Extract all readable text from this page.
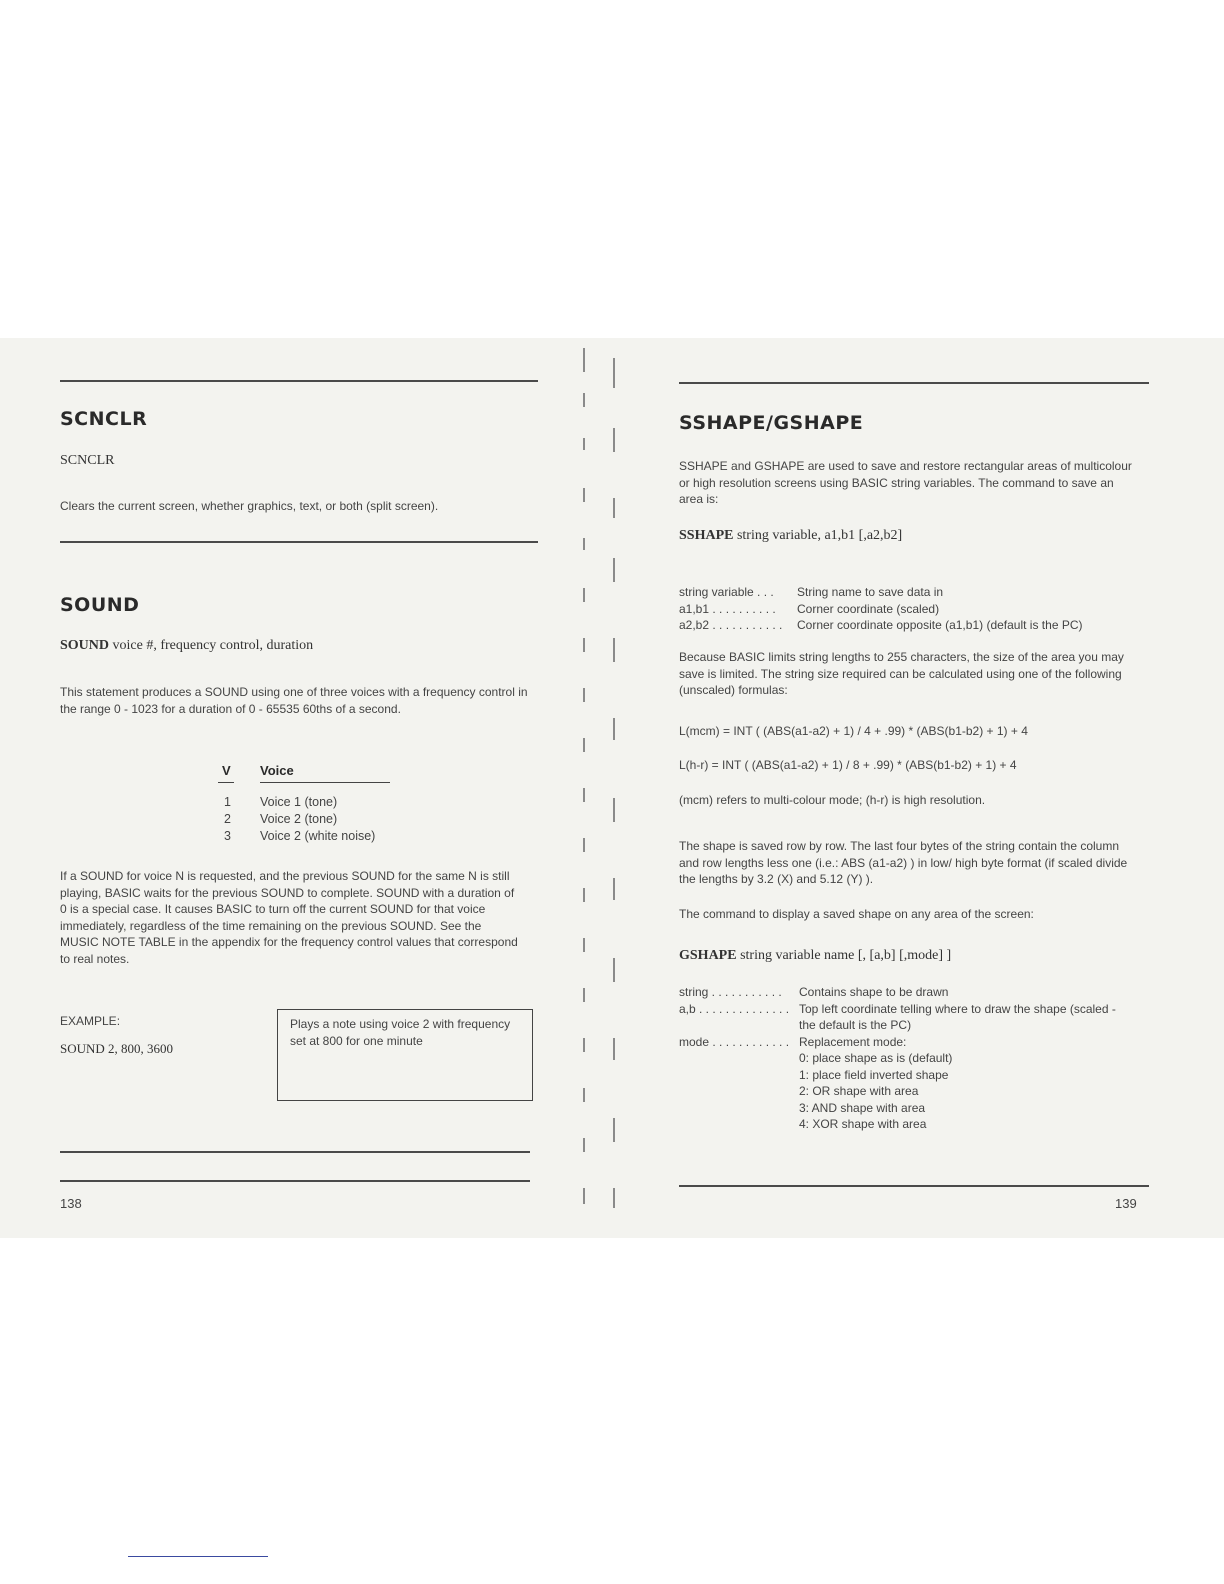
SCNCLR
SCNCLR
Clears the current screen, whether graphics, text, or both (split screen).
SOUND
SOUND voice #, frequency control, duration
This statement produces a SOUND using one of three voices with a frequency control in the range 0 - 1023 for a duration of 0 - 65535 60ths of a second.
V Voice
1 Voice 1 (tone)
2 Voice 2 (tone)
3 Voice 2 (white noise)
If a SOUND for voice N is requested, and the previous SOUND for the same N is still playing, BASIC waits for the previous SOUND to complete. SOUND with a duration of 0 is a special case. It causes BASIC to turn off the current SOUND for that voice immediately, regardless of the time remaining on the previous SOUND. See the MUSIC NOTE TABLE in the appendix for the frequency control values that correspond to real notes.
EXAMPLE:
SOUND 2, 800, 3600
Plays a note using voice 2 with frequency set at 800 for one minute
138
SSHAPE/GSHAPE
SSHAPE and GSHAPE are used to save and restore rectangular areas of multicolour or high resolution screens using BASIC string variables. The command to save an area is:
SSHAPE string variable, a1,b1 [,a2,b2]
string variable . . .	String name to save data in
a1,b1 . . . . . . . . . .	Corner coordinate (scaled)
a2,b2 . . . . . . . . . . .	Corner coordinate opposite (a1,b1) (default is the PC)
Because BASIC limits string lengths to 255 characters, the size of the area you may save is limited. The string size required can be calculated using one of the following (unscaled) formulas:
L(mcm) = INT ( (ABS(a1-a2) + 1) / 4 + .99) * (ABS(b1-b2) + 1) + 4
L(h-r) = INT ( (ABS(a1-a2) + 1) / 8 + .99) * (ABS(b1-b2) + 1) + 4
(mcm) refers to multi-colour mode; (h-r) is high resolution.
The shape is saved row by row. The last four bytes of the string contain the column and row lengths less one (i.e.: ABS (a1-a2) ) in low/ high byte format (if scaled divide the lengths by 3.2 (X) and 5.12 (Y) ).
The command to display a saved shape on any area of the screen:
GSHAPE string variable name [, [a,b] [,mode] ]
string . . . . . . . . . . .	Contains shape to be drawn
a,b . . . . . . . . . . . . . . Top left coordinate telling where to draw the shape (scaled - the default is the PC)
mode . . . . . . . . . . . . Replacement mode:
0: place shape as is (default)
1: place field inverted shape
2: OR shape with area
3: AND shape with area
4: XOR shape with area
139
